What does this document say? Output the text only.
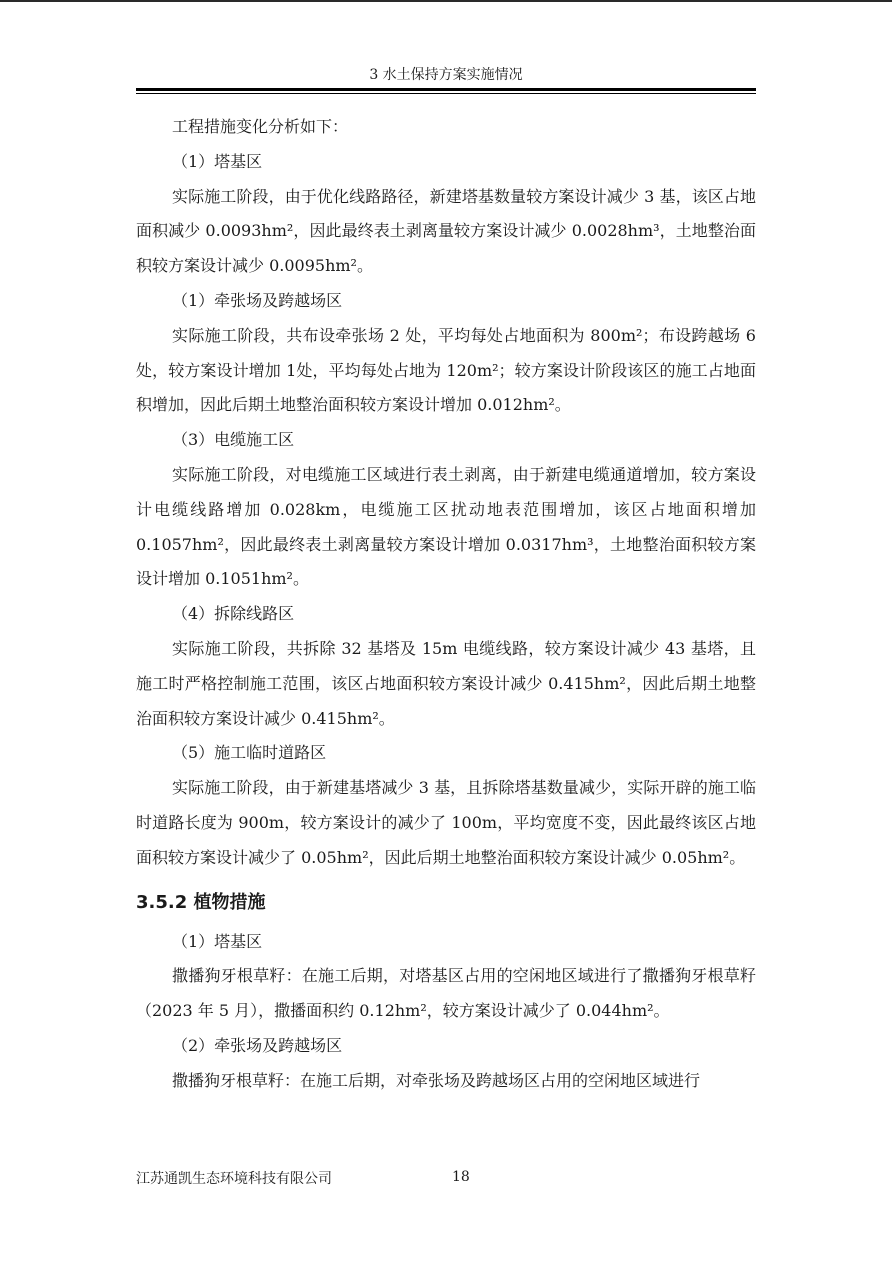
3 水土保持方案实施情况

工程措施变化分析如下：

（1）塔基区

实际施工阶段，由于优化线路路径，新建塔基数量较方案设计减少 3 基，该区占地面积减少 0.0093hm²，因此最终表土剥离量较方案设计减少 0.0028hm³，土地整治面积较方案设计减少 0.0095hm²。

（1）牵张场及跨越场区

实际施工阶段，共布设牵张场 2 处，平均每处占地面积为 800m²；布设跨越场 6 处，较方案设计增加 1处，平均每处占地为 120m²；较方案设计阶段该区的施工占地面积增加，因此后期土地整治面积较方案设计增加 0.012hm²。

（3）电缆施工区

实际施工阶段，对电缆施工区域进行表土剥离，由于新建电缆通道增加，较方案设计电缆线路增加 0.028km，电缆施工区扰动地表范围增加，该区占地面积增加 0.1057hm²，因此最终表土剥离量较方案设计增加 0.0317hm³，土地整治面积较方案设计增加 0.1051hm²。

（4）拆除线路区

实际施工阶段，共拆除 32 基塔及 15m 电缆线路，较方案设计减少 43 基塔，且施工时严格控制施工范围，该区占地面积较方案设计减少 0.415hm²，因此后期土地整治面积较方案设计减少 0.415hm²。

（5）施工临时道路区

实际施工阶段，由于新建基塔减少 3 基，且拆除塔基数量减少，实际开辟的施工临时道路长度为 900m，较方案设计的减少了 100m，平均宽度不变，因此最终该区占地面积较方案设计减少了 0.05hm²，因此后期土地整治面积较方案设计减少 0.05hm²。

3.5.2 植物措施

（1）塔基区

撒播狗牙根草籽：在施工后期，对塔基区占用的空闲地区域进行了撒播狗牙根草籽（2023 年 5 月），撒播面积约 0.12hm²，较方案设计减少了 0.044hm²。

（2）牵张场及跨越场区

撒播狗牙根草籽：在施工后期，对牵张场及跨越场区占用的空闲地区域进行

江苏通凯生态环境科技有限公司	18
